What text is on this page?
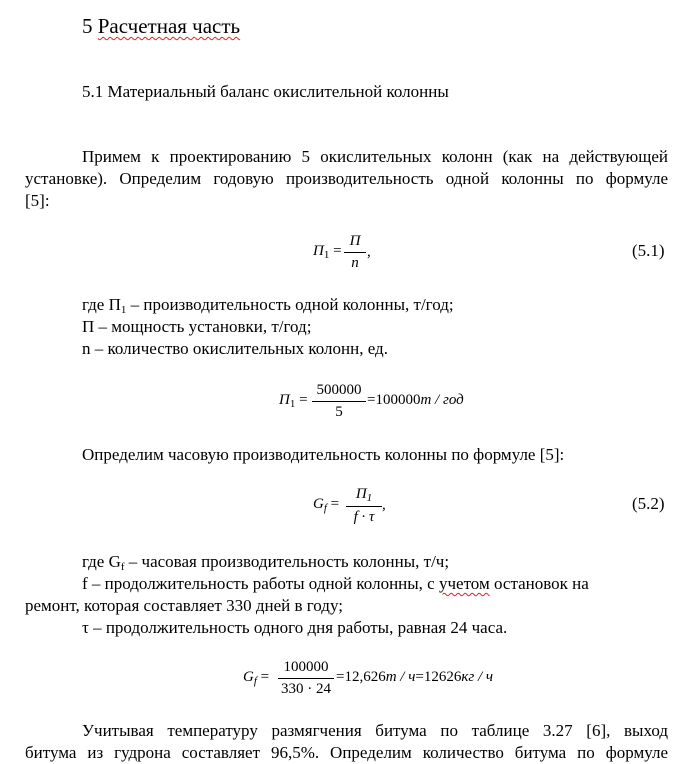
5 Расчетная часть
5.1 Материальный баланс окислительной колонны
Примем к проектированию 5 окислительных колонн (как на действующей
установке). Определим годовую производительность одной колонны по формуле
[5]:
$П_1$ =
П
n
,	(5.1)
где $П_1$ – производительность одной колонны, т/год;
П – мощность установки, т/год;
n – количество окислительных колонн, ед.
$П_1$ =
500000
5
=100000т / год
Определим часовую производительность колонны по формуле [5]:
$G_f$ =
$П_1$
f · τ
,	(5.2)
где $G_f$ – часовая производительность колонны, т/ч;
f – продолжительность работы одной колонны, с учетом остановок на
ремонт, которая составляет 330 дней в году;
τ – продолжительность одного дня работы, равная 24 часа.
$G_f$ =
100000
330 · 24
=12,626т / ч=12626кг / ч
Учитывая температуру размягчения битума по таблице 3.27 [6], выход
битума из гудрона составляет 96,5%. Определим количество битума по формуле
